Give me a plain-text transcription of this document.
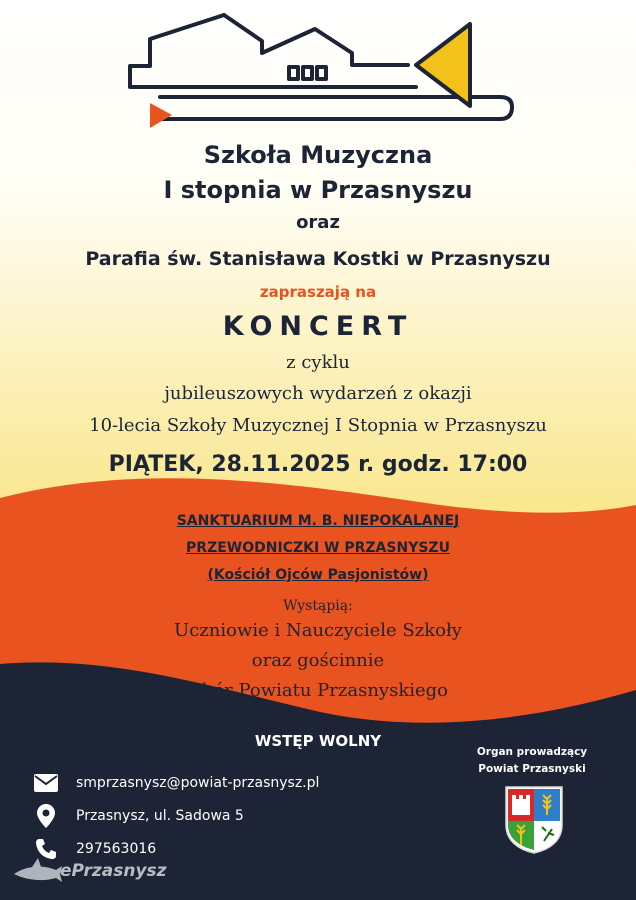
Szkoła Muzyczna
I stopnia w Przasnyszu
oraz
Parafia św. Stanisława Kostki w Przasnyszu
zapraszają na
KONCERT
z cyklu
jubileuszowych wydarzeń z okazji
10-lecia Szkoły Muzycznej I Stopnia w Przasnyszu
PIĄTEK, 28.11.2025 r. godz. 17:00
SANKTUARIUM M. B. NIEPOKALANEJ
PRZEWODNICZKI W PRZASNYSZU
(Kościół Ojców Pasjonistów)
Wystąpią:
Uczniowie i Nauczyciele Szkoły
oraz gościnnie
Chór Powiatu Przasnyskiego
WSTĘP WOLNY
smprzasnysz@powiat-przasnysz.pl
Przasnysz, ul. Sadowa 5
297563016
Organ prowadzący
Powiat Przasnyski
ePrzasnysz
